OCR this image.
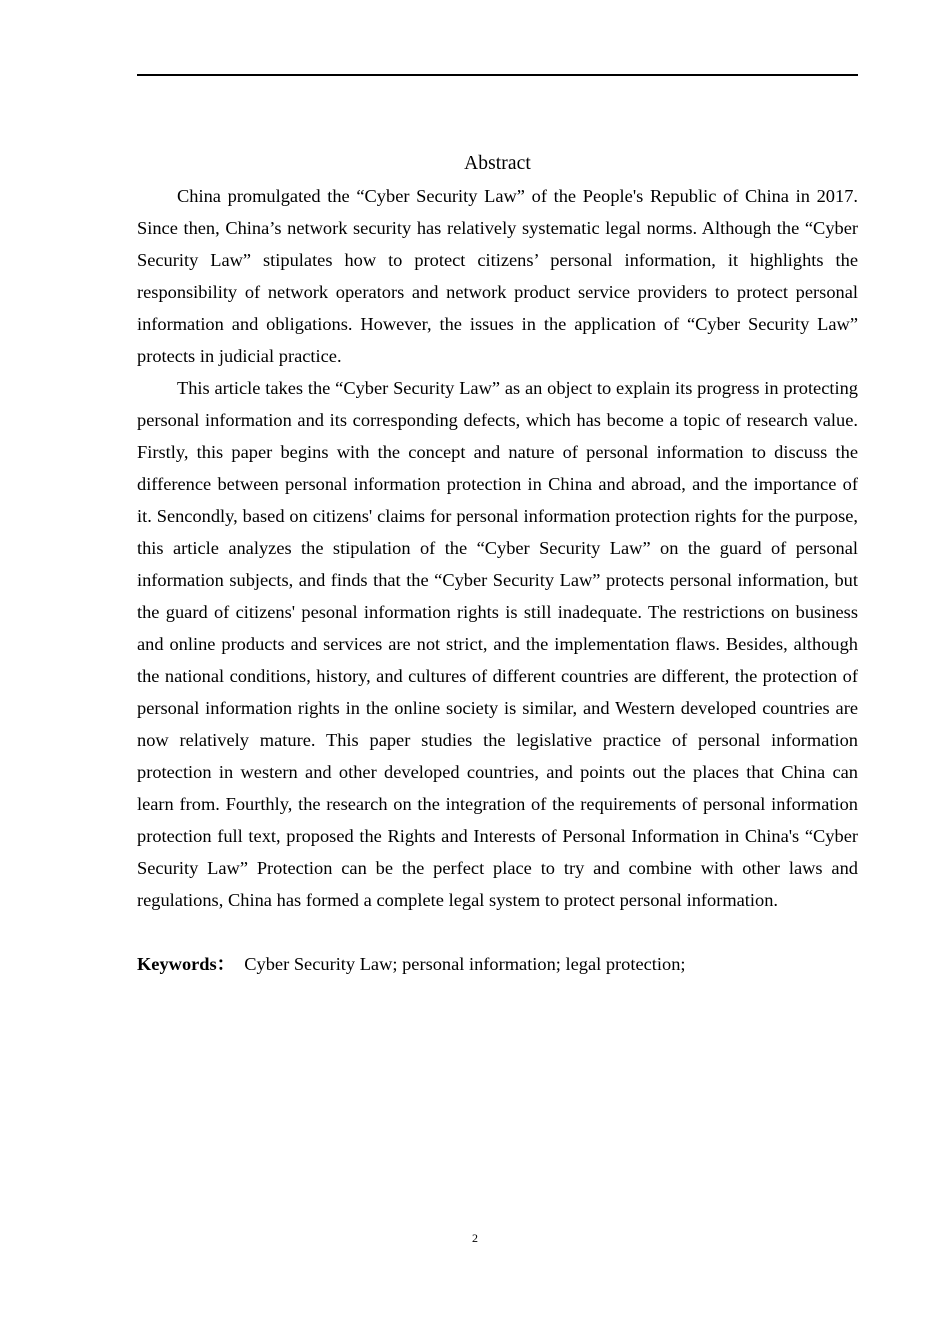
Abstract

China promulgated the “Cyber Security Law” of the People's Republic of China in 2017. Since then, China’s network security has relatively systematic legal norms. Although the “Cyber Security Law” stipulates how to protect citizens’ personal information, it highlights the responsibility of network operators and network product service providers to protect personal information and obligations. However, the issues in the application of “Cyber Security Law” protects in judicial practice.

This article takes the “Cyber Security Law” as an object to explain its progress in protecting personal information and its corresponding defects, which has become a topic of research value. Firstly, this paper begins with the concept and nature of personal information to discuss the difference between personal information protection in China and abroad, and the importance of it. Sencondly, based on citizens' claims for personal information protection rights for the purpose, this article analyzes the stipulation of the “Cyber Security Law” on the guard of personal information subjects, and finds that the “Cyber Security Law” protects personal information, but the guard of citizens' pesonal information rights is still inadequate. The restrictions on business and online products and services are not strict, and the implementation flaws. Besides, although the national conditions, history, and cultures of different countries are different, the protection of personal information rights in the online society is similar, and Western developed countries are now relatively mature. This paper studies the legislative practice of personal information protection in western and other developed countries, and points out the places that China can learn from. Fourthly, the research on the integration of the requirements of personal information protection full text, proposed the Rights and Interests of Personal Information in China's “Cyber Security Law” Protection can be the perfect place to try and combine with other laws and regulations, China has formed a complete legal system to protect personal information.

Keywords：  Cyber Security Law; personal information; legal protection;

2
